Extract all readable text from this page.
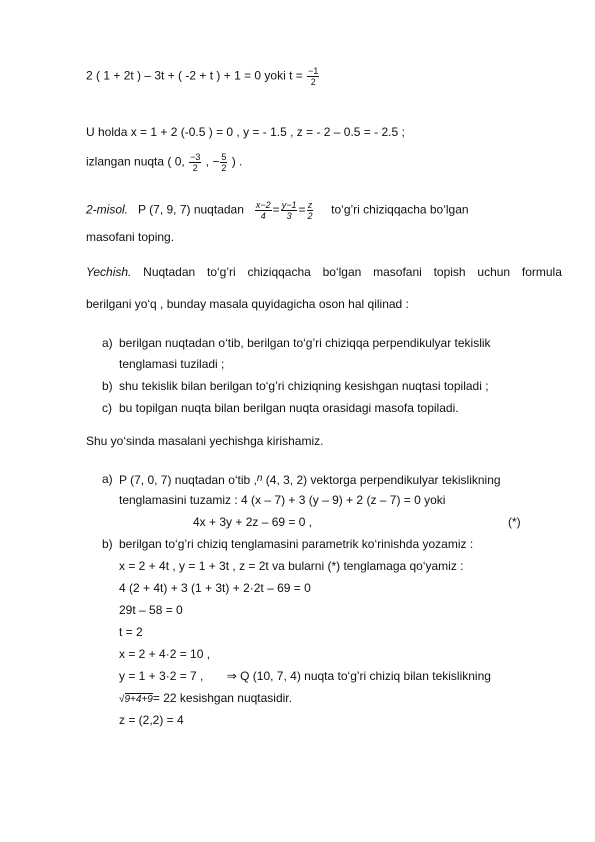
2 ( 1 + 2t ) – 3t + ( -2 + t ) + 1 = 0 yoki $t = \frac{-1}{2}$
U holda x = 1 + 2 (-0.5 ) = 0 , y = - 1.5 , z = - 2 – 0.5 = - 2.5 ;
izlangan nuqta ( 0, $\frac{-3}{2}$ , − $\frac{5}{2}$ ) .
2-misol. P (7, 9, 7) nuqtadan $\frac{x-2}{4} = \frac{y-1}{3} = \frac{z}{2}$ to‘g’ri chiziqqacha bo‘lgan
masofani toping.
Yechish. Nuqtadan to‘g’ri chiziqqacha bo‘lgan masofani topish uchun formula
berilgani yo‘q , bunday masala quyidagicha oson hal qilinad :
a) berilgan nuqtadan o‘tib, berilgan to‘g’ri chiziqqa perpendikulyar tekislik
tenglamasi tuziladi ;
b) shu tekislik bilan berilgan to‘g’ri chiziqning kesishgan nuqtasi topiladi ;
c) bu topilgan nuqta bilan berilgan nuqta orasidagi masofa topiladi.
Shu yo‘sinda masalani yechishga kirishamiz.
a) P (7, 0, 7) nuqtadan o‘tib ,$^n$ (4, 3, 2) vektorga perpendikulyar tekislikning
tenglamasini tuzamiz : 4 (x – 7) + 3 (y – 9) + 2 (z – 7) = 0 yoki
4x + 3y + 2z – 69 = 0 ,	(*)
b) berilgan to‘g’ri chiziq tenglamasini parametrik ko‘rinishda yozamiz :
x = 2 + 4t , y = 1 + 3t , z = 2t va bularni (*) tenglamaga qo‘yamiz :
4 (2 + 4t) + 3 (1 + 3t) + 2·2t – 69 = 0
29t – 58 = 0
t = 2
x = 2 + 4·2 = 10 ,
y = 1 + 3·2 = 7 , ⇒ Q (10, 7, 4) nuqta to‘g’ri chiziq bilan tekislikning
√9+4+9= 22 kesishgan nuqtasidir.
z = (2,2) = 4
